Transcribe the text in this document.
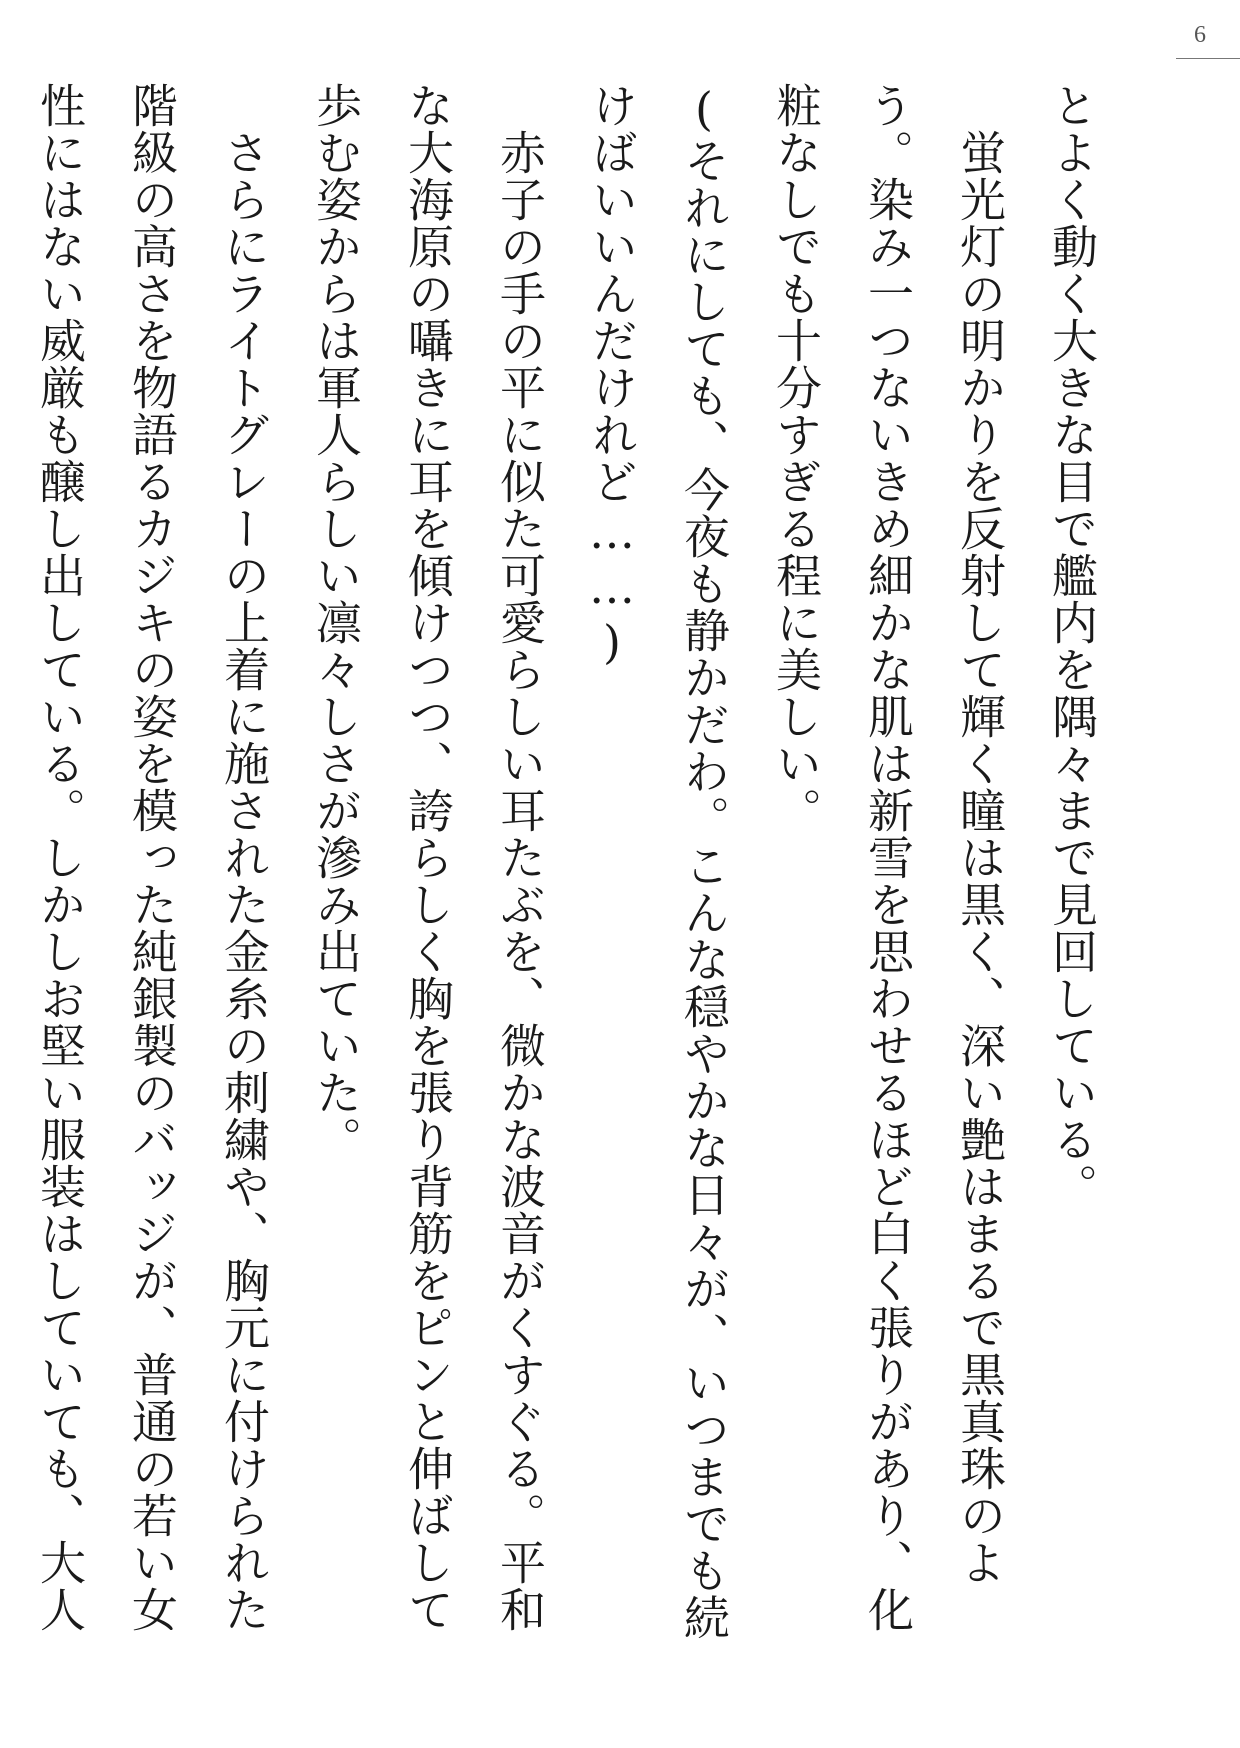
6

とよく動く大きな目で艦内を隅々まで見回している。

　蛍光灯の明かりを反射して輝く瞳は黒く、深い艶はまるで黒真珠のよう。染み一つないきめ細かな肌は新雪を思わせるほど白く張りがあり、化粧なしでも十分すぎる程に美しい。

(それにしても、今夜も静かだわ。こんな穏やかな日々が、いつまでも続けばいいんだけれど……)

　赤子の手の平に似た可愛らしい耳たぶを、微かな波音がくすぐる。平和な大海原の囁きに耳を傾けつつ、誇らしく胸を張り背筋をピンと伸ばして歩む姿からは軍人らしい凛々しさが滲み出ていた。

　さらにライトグレーの上着に施された金糸の刺繍や、胸元に付けられた階級の高さを物語るカジキの姿を模った純銀製のバッジが、普通の若い女性にはない威厳も醸し出している。しかしお堅い服装はしていても、大人
